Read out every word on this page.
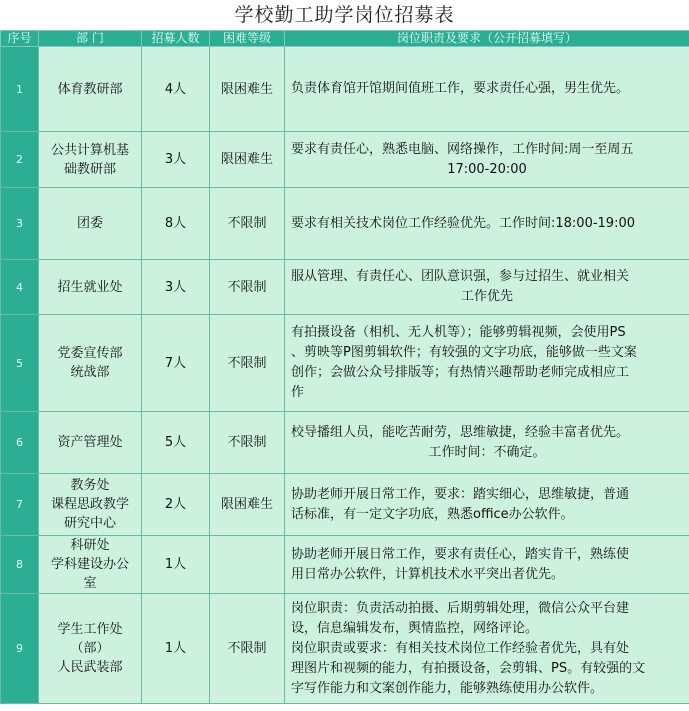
学校勤工助学岗位招募表
序号	部 门	招募人数	困难等级	岗位职责及要求（公开招募填写）
1	体育教研部	4人	限困难生	负责体育馆开馆期间值班工作，要求责任心强，男生优先。

2	公共计算机基
础教研部	3人	限困难生	要求有责任心，熟悉电脑、网络操作，工作时间:周一至周五
17:00-20:00

3	团委	8人	不限制	要求有相关技术岗位工作经验优先。工作时间:18:00-19:00

4	招生就业处	3人	不限制	服从管理、有责任心、团队意识强，参与过招生、就业相关
工作优先

5	党委宣传部
统战部	7人	不限制	有拍摄设备（相机、无人机等）；能够剪辑视频，会使用PS
、剪映等P图剪辑软件；有较强的文字功底，能够做一些文案
创作；会做公众号排版等；有热情兴趣帮助老师完成相应工
作

6	资产管理处	5人	不限制	校导播组人员，能吃苦耐劳，思维敏捷，经验丰富者优先。
工作时间：不确定。

7	教务处
课程思政教学
研究中心	2人	限困难生	协助老师开展日常工作，要求：踏实细心，思维敏捷，普通
话标准，有一定文字功底，熟悉office办公软件。

8	科研处
学科建设办公
室	1人		协助老师开展日常工作，要求有责任心，踏实肯干，熟练使
用日常办公软件，计算机技术水平突出者优先。

9	学生工作处
（部）
人民武装部	1人	不限制	岗位职责：负责活动拍摄、后期剪辑处理，微信公众平台建
设，信息编辑发布，舆情监控，网络评论。
岗位职责或要求：有相关技术岗位工作经验者优先，具有处
理图片和视频的能力，有拍摄设备，会剪辑、PS。有较强的文
字写作能力和文案创作能力，能够熟练使用办公软件。
